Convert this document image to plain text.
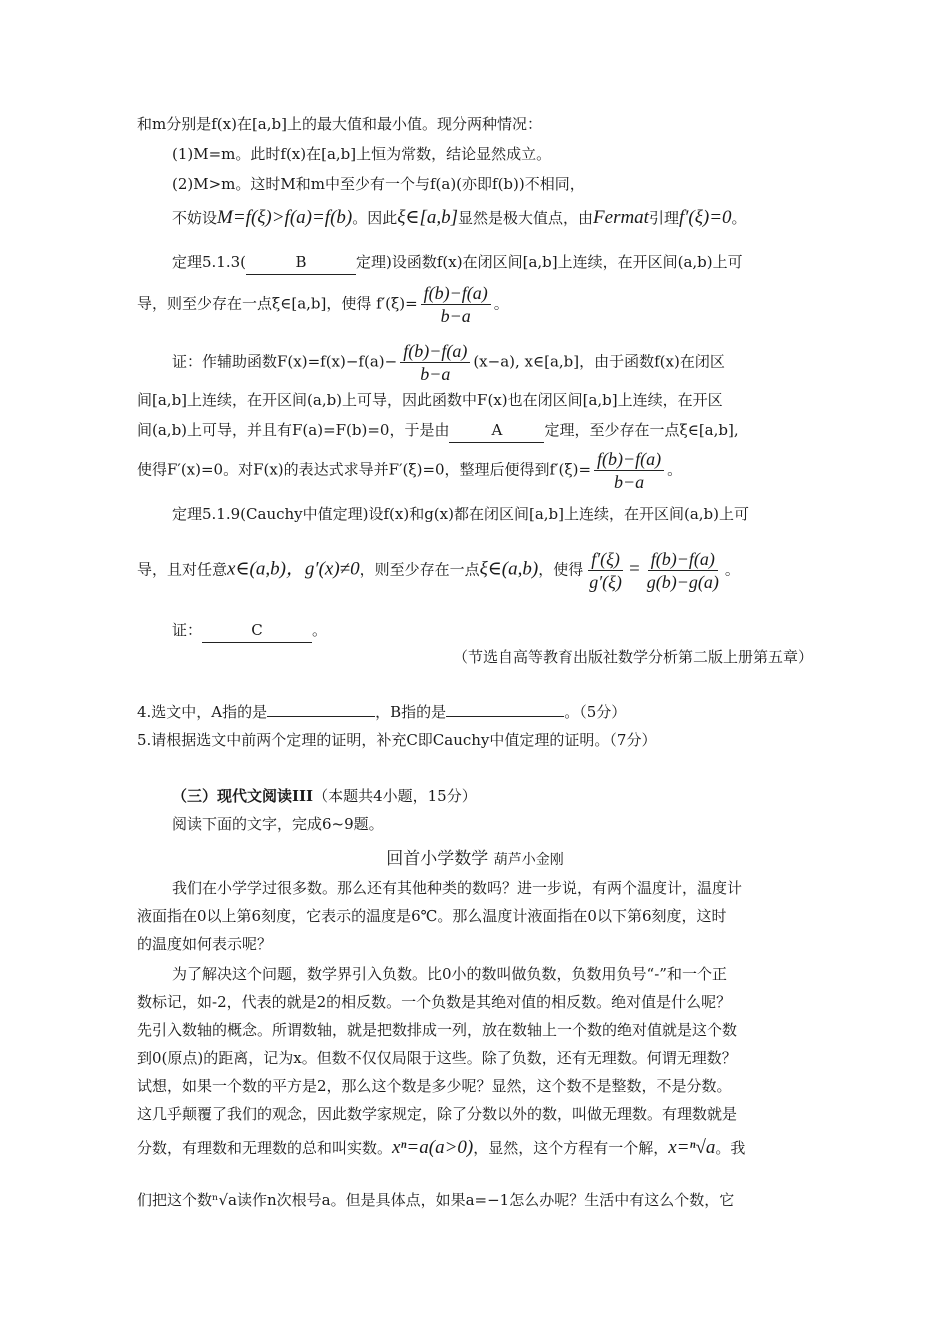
和m分别是f(x)在[a,b]上的最大值和最小值。现分两种情况：
(1)M=m。此时f(x)在[a,b]上恒为常数，结论显然成立。
(2)M>m。这时M和m中至少有一个与f(a)(亦即f(b))不相同，
不妨设M=f(ξ)>f(a)=f(b)。因此ξ∈[a,b]显然是极大值点，由Fermat引理f′(ξ)=0。
定理5.1.3(	B	定理)设函数f(x)在闭区间[a,b]上连续，在开区间(a,b)上可
导，则至少存在一点ξ∈[a,b]，使得 $f'(\xi)= \frac{f(b)-f(a)}{b-a}$ 。
证：作辅助函数$F(x)=f(x)-f(a)- \frac{f(b)-f(a)}{b-a} (x-a)$, x∈[a,b]，由于函数f(x)在闭区
间[a,b]上连续，在开区间(a,b)上可导，因此函数中F(x)也在闭区间[a,b]上连续，在开区
间(a,b)上可导，并且有F(a)=F(b)=0，于是由	A	定理，至少存在一点ξ∈[a,b],
使得F′(x)=0。对F(x)的表达式求导并F′(ξ)=0，整理后便得到$f'(\xi)= \frac{f(b)-f(a)}{b-a}$ 。
定理5.1.9(Cauchy中值定理)设f(x)和g(x)都在闭区间[a,b]上连续，在开区间(a,b)上可
导，且对任意x∈(a,b)，g′(x)≠0，则至少存在一点ξ∈(a,b)，使得 $\frac{f'(\xi)}{g'(\xi)} = \frac{f(b)-f(a)}{g(b)-g(a)}$ 。
证：	C	。
（节选自高等教育出版社数学分析第二版上册第五章）
4.选文中，A指的是	，B指的是	。（5分）
5.请根据选文中前两个定理的证明，补充C即Cauchy中值定理的证明。（7分）
（三）现代文阅读III（本题共4小题，15分）
阅读下面的文字，完成6~9题。
回首小学数学 葫芦小金刚
我们在小学学过很多数。那么还有其他种类的数吗？进一步说，有两个温度计，温度计
液面指在0以上第6刻度，它表示的温度是6℃。那么温度计液面指在0以下第6刻度，这时
的温度如何表示呢？
为了解决这个问题，数学界引入负数。比0小的数叫做负数，负数用负号“-”和一个正
数标记，如-2，代表的就是2的相反数。一个负数是其绝对值的相反数。绝对值是什么呢？
先引入数轴的概念。所谓数轴，就是把数排成一列，放在数轴上一个数的绝对值就是这个数
到0(原点)的距离，记为x。但数不仅仅局限于这些。除了负数，还有无理数。何谓无理数？
试想，如果一个数的平方是2，那么这个数是多少呢？显然，这个数不是整数，不是分数。
这几乎颠覆了我们的观念，因此数学家规定，除了分数以外的数，叫做无理数。有理数就是
分数，有理数和无理数的总和叫实数。xⁿ=a(a>0)，显然，这个方程有一个解，x=ⁿ√a。我
们把这个数ⁿ√a读作n次根号a。但是具体点，如果a=−1怎么办呢？生活中有这么个数，它
